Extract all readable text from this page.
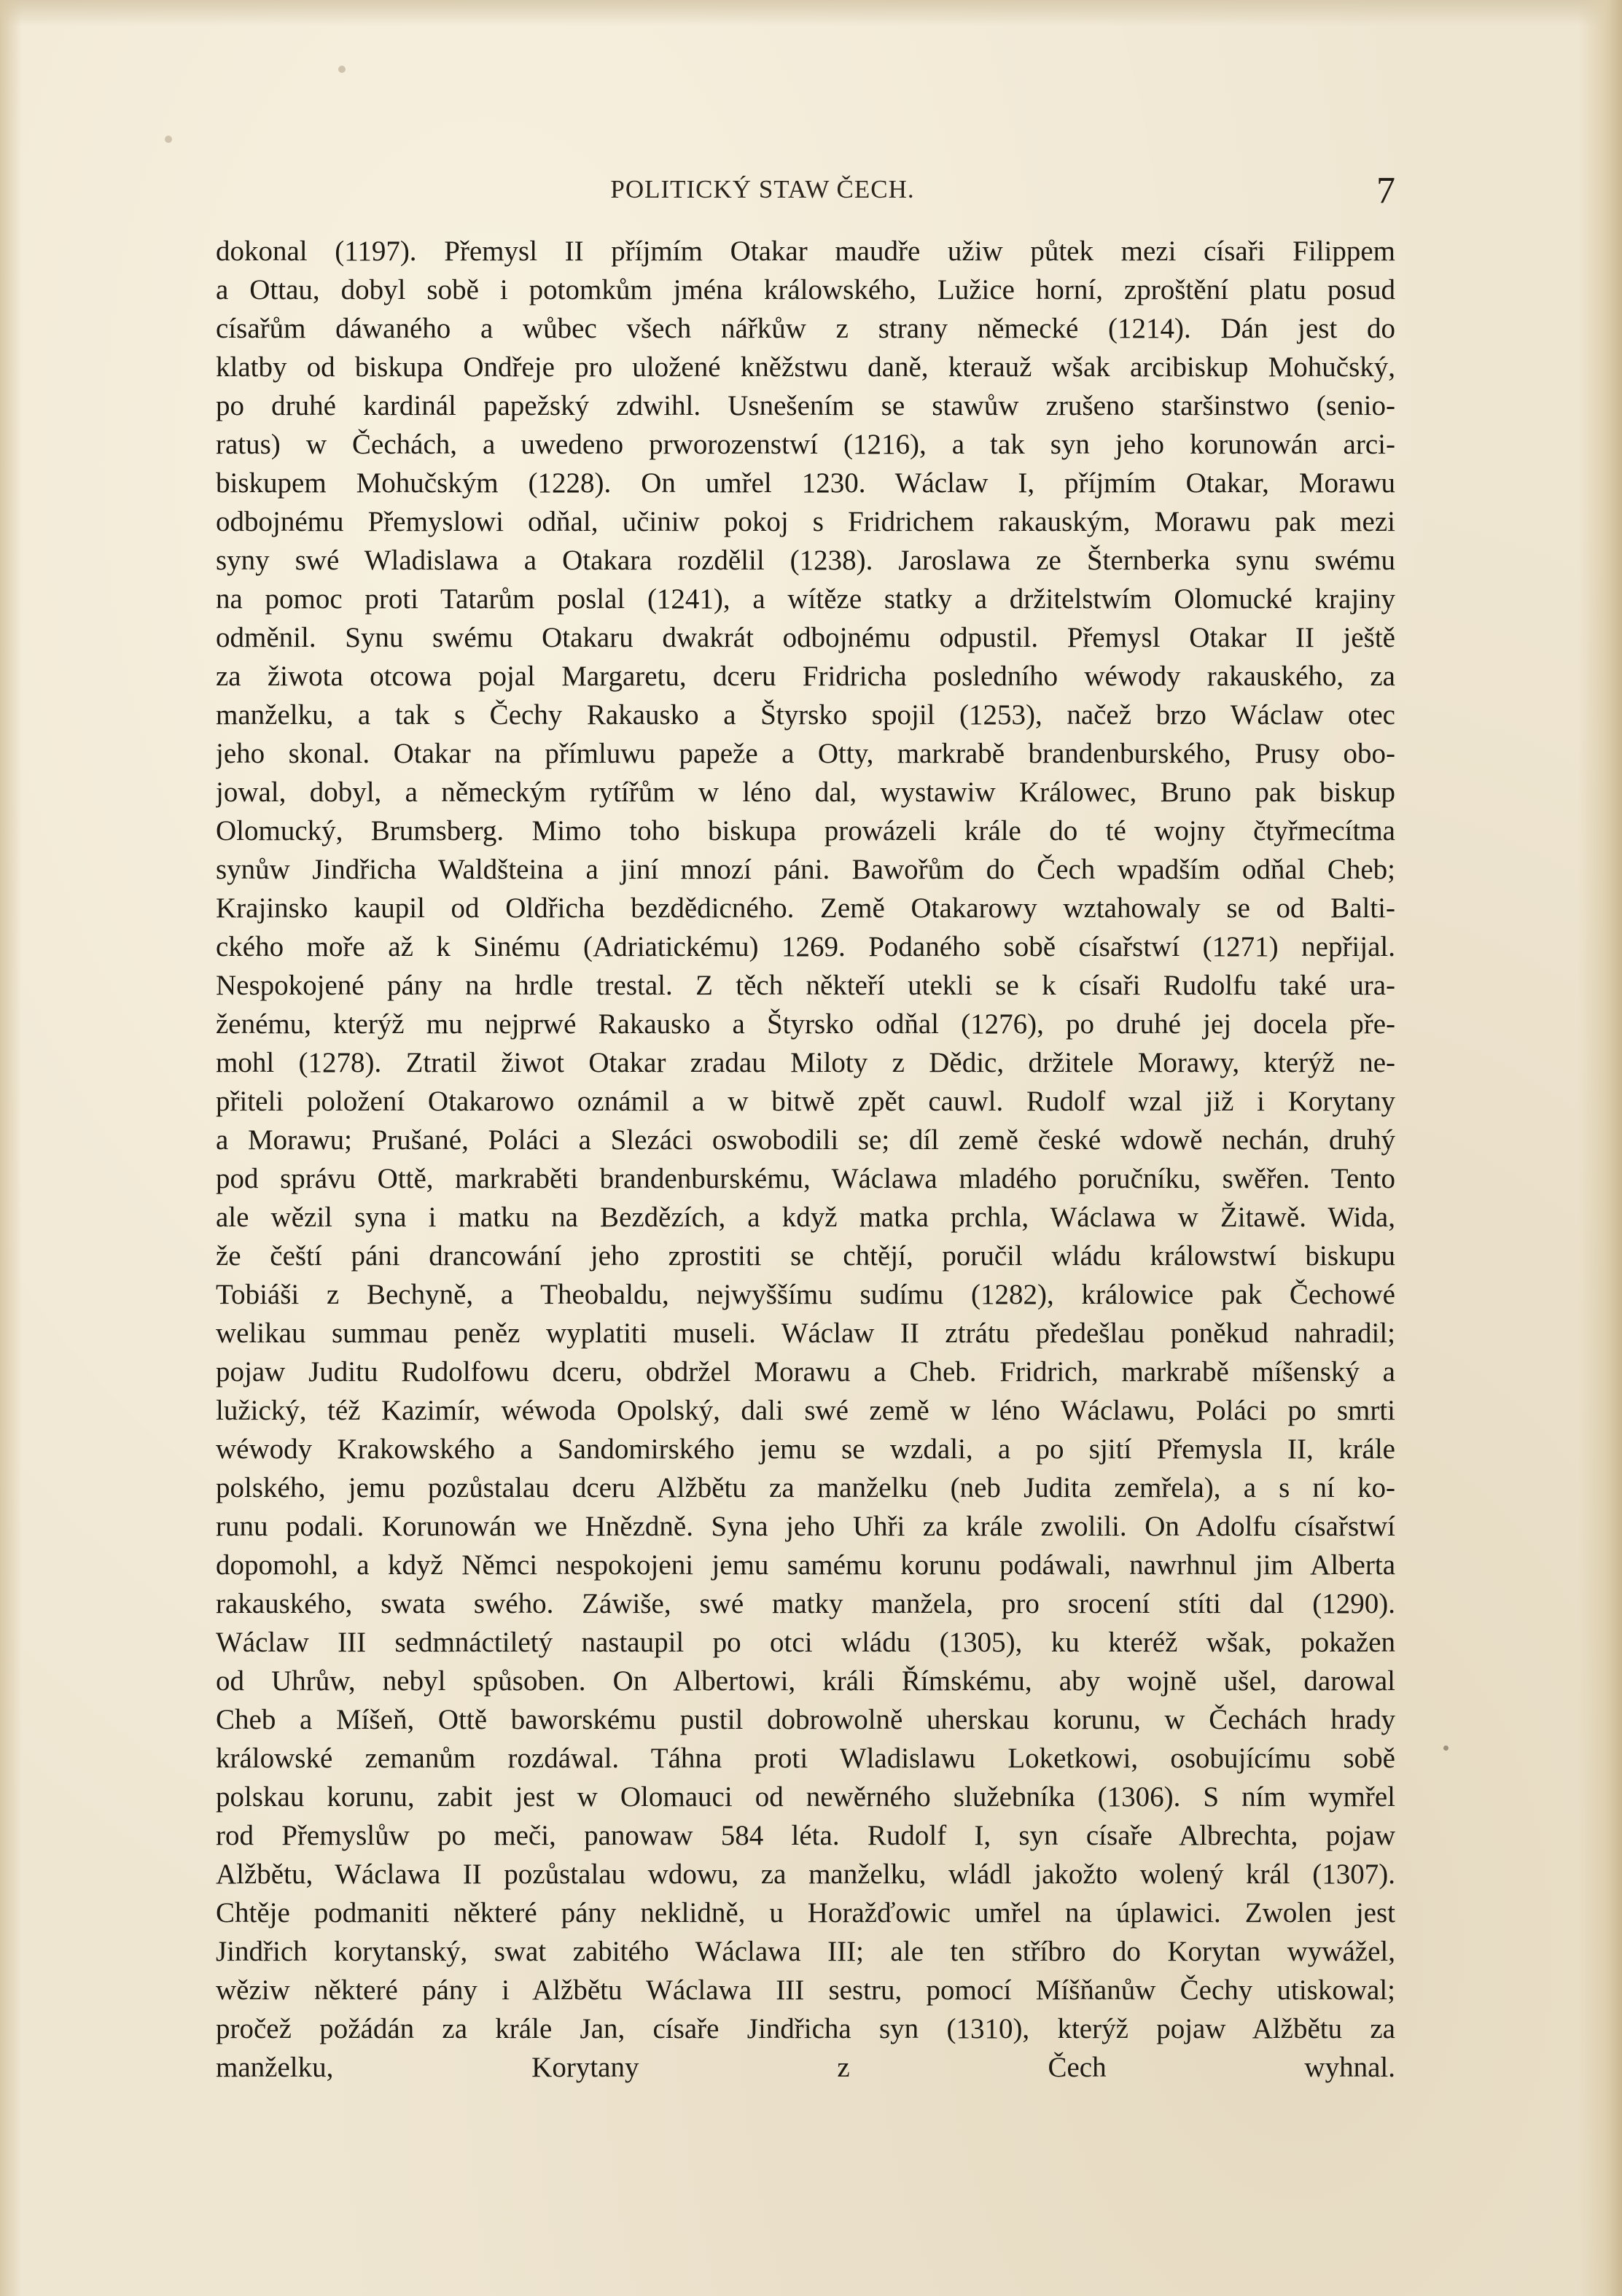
POLITICKÝ STAW ČECH.	7
dokonal (1197). Přemysl II příjmím Otakar maudře užiw půtek mezi císaři Filippem
a Ottau, dobyl sobě i potomkům jména králowského, Lužice horní, zproštění platu posud
císařům dáwaného a wůbec všech nářkůw z strany německé (1214). Dán jest do
klatby od biskupa Ondřeje pro uložené kněžstwu daně, kterauž wšak arcibiskup Mohučský,
po druhé kardinál papežský zdwihl. Usnešením se stawůw zrušeno staršinstwo (senio-
ratus) w Čechách, a uwedeno prworozenstwí (1216), a tak syn jeho korunowán arci-
biskupem Mohučským (1228). On umřel 1230. Wáclaw I, příjmím Otakar, Morawu
odbojnému Přemyslowi odňal, učiniw pokoj s Fridrichem rakauským, Morawu pak mezi
syny swé Wladislawa a Otakara rozdělil (1238). Jaroslawa ze Šternberka synu swému
na pomoc proti Tatarům poslal (1241), a wítěze statky a držitelstwím Olomucké krajiny
odměnil. Synu swému Otakaru dwakrát odbojnému odpustil. Přemysl Otakar II ještě
za žiwota otcowa pojal Margaretu, dceru Fridricha posledního wéwody rakauského, za
manželku, a tak s Čechy Rakausko a Štyrsko spojil (1253), načež brzo Wáclaw otec
jeho skonal. Otakar na přímluwu papeže a Otty, markrabě brandenburského, Prusy obo-
jowal, dobyl, a německým rytířům w léno dal, wystawiw Králowec, Bruno pak biskup
Olomucký, Brumsberg. Mimo toho biskupa prowázeli krále do té wojny čtyřmecítma
synůw Jindřicha Waldšteina a jiní mnozí páni. Bawořům do Čech wpadším odňal Cheb;
Krajinsko kaupil od Oldřicha bezdědicného. Země Otakarowy wztahowaly se od Balti-
ckého moře až k Sinému (Adriatickému) 1269. Podaného sobě císařstwí (1271) nepřijal.
Nespokojené pány na hrdle trestal. Z těch někteří utekli se k císaři Rudolfu také ura-
ženému, kterýž mu nejprwé Rakausko a Štyrsko odňal (1276), po druhé jej docela pře-
mohl (1278). Ztratil žiwot Otakar zradau Miloty z Dědic, držitele Morawy, kterýž ne-
přiteli položení Otakarowo oznámil a w bitwě zpět cauwl. Rudolf wzal již i Korytany
a Morawu; Prušané, Poláci a Slezáci oswobodili se; díl země české wdowě nechán, druhý
pod správu Ottě, markraběti brandenburskému, Wáclawa mladého poručníku, swěřen. Tento
ale wězil syna i matku na Bezdězích, a když matka prchla, Wáclawa w Žitawě. Wida,
že čeští páni drancowání jeho zprostiti se chtějí, poručil wládu králowstwí biskupu
Tobiáši z Bechyně, a Theobaldu, nejwyššímu sudímu (1282), králowice pak Čechowé
welikau summau peněz wyplatiti museli. Wáclaw II ztrátu předešlau poněkud nahradil;
pojaw Juditu Rudolfowu dceru, obdržel Morawu a Cheb. Fridrich, markrabě míšenský a
lužický, též Kazimír, wéwoda Opolský, dali swé země w léno Wáclawu, Poláci po smrti
wéwody Krakowského a Sandomirského jemu se wzdali, a po sjití Přemysla II, krále
polského, jemu pozůstalau dceru Alžbětu za manželku (neb Judita zemřela), a s ní ko-
runu podali. Korunowán we Hnězdně. Syna jeho Uhři za krále zwolili. On Adolfu císařstwí
dopomohl, a když Němci nespokojeni jemu samému korunu podáwali, nawrhnul jim Alberta
rakauského, swata swého. Záwiše, swé matky manžela, pro srocení stíti dal (1290).
Wáclaw III sedmnáctiletý nastaupil po otci wládu (1305), ku kteréž wšak, pokažen
od Uhrůw, nebyl spůsoben. On Albertowi, králi Římskému, aby wojně ušel, darowal
Cheb a Míšeň, Ottě baworskému pustil dobrowolně uherskau korunu, w Čechách hrady
králowské zemanům rozdáwal. Táhna proti Wladislawu Loketkowi, osobujícímu sobě
polskau korunu, zabit jest w Olomauci od newěrného služebníka (1306). S ním wymřel
rod Přemyslůw po meči, panowaw 584 léta. Rudolf I, syn císaře Albrechta, pojaw
Alžbětu, Wáclawa II pozůstalau wdowu, za manželku, wládl jakožto wolený král (1307).
Chtěje podmaniti některé pány neklidně, u Horažďowic umřel na úplawici. Zwolen jest
Jindřich korytanský, swat zabitého Wáclawa III; ale ten stříbro do Korytan wywážel,
wěziw některé pány i Alžbětu Wáclawa III sestru, pomocí Míšňanůw Čechy utiskowal;
pročež požádán za krále Jan, císaře Jindřicha syn (1310), kterýž pojaw Alžbětu za
manželku, Korytany z Čech wyhnal.
